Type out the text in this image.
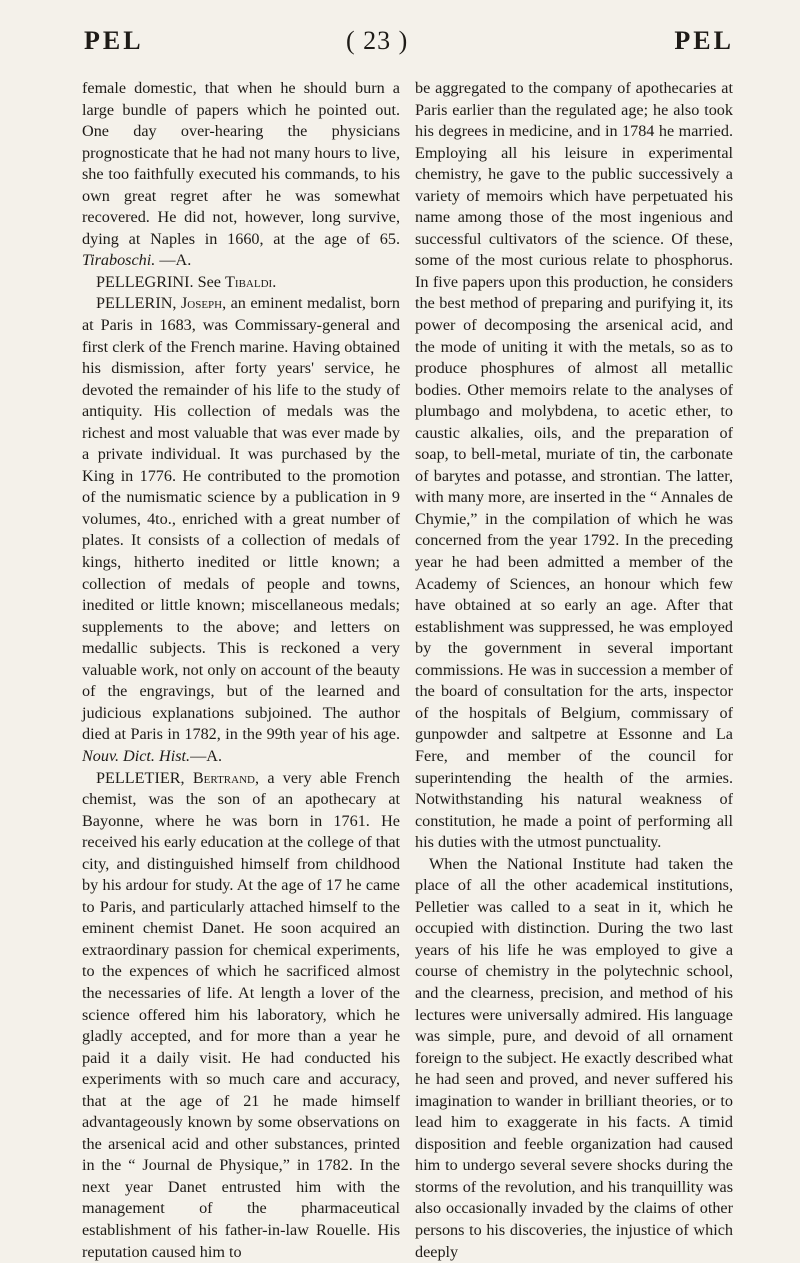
PEL	( 23 )	PEL

female domestic, that when he should burn a large bundle of papers which he pointed out. One day over-hearing the physicians prognosticate that he had not many hours to live, she too faithfully executed his commands, to his own great regret after he was somewhat recovered. He did not, however, long survive, dying at Naples in 1660, at the age of 65. Tiraboschi. —A.

PELLEGRINI. See Tibaldi.

PELLERIN, Joseph, an eminent medalist, born at Paris in 1683, was Commissary-general and first clerk of the French marine. Having obtained his dismission, after forty years' service, he devoted the remainder of his life to the study of antiquity. His collection of medals was the richest and most valuable that was ever made by a private individual. It was purchased by the King in 1776. He contributed to the promotion of the numismatic science by a publication in 9 volumes, 4to., enriched with a great number of plates. It consists of a collection of medals of kings, hitherto inedited or little known; a collection of medals of people and towns, inedited or little known; miscellaneous medals; supplements to the above; and letters on medallic subjects. This is reckoned a very valuable work, not only on account of the beauty of the engravings, but of the learned and judicious explanations subjoined. The author died at Paris in 1782, in the 99th year of his age. Nouv. Dict. Hist.—A.

PELLETIER, Bertrand, a very able French chemist, was the son of an apothecary at Bayonne, where he was born in 1761. He received his early education at the college of that city, and distinguished himself from childhood by his ardour for study. At the age of 17 he came to Paris, and particularly attached himself to the eminent chemist Danet. He soon acquired an extraordinary passion for chemical experiments, to the expences of which he sacrificed almost the necessaries of life. At length a lover of the science offered him his laboratory, which he gladly accepted, and for more than a year he paid it a daily visit. He had conducted his experiments with so much care and accuracy, that at the age of 21 he made himself advantageously known by some observations on the arsenical acid and other substances, printed in the “ Journal de Physique,” in 1782. In the next year Danet entrusted him with the management of the pharmaceutical establishment of his father-in-law Rouelle. His reputation caused him to

be aggregated to the company of apothecaries at Paris earlier than the regulated age; he also took his degrees in medicine, and in 1784 he married. Employing all his leisure in experimental chemistry, he gave to the public successively a variety of memoirs which have perpetuated his name among those of the most ingenious and successful cultivators of the science. Of these, some of the most curious relate to phosphorus. In five papers upon this production, he considers the best method of preparing and purifying it, its power of decomposing the arsenical acid, and the mode of uniting it with the metals, so as to produce phosphures of almost all metallic bodies. Other memoirs relate to the analyses of plumbago and molybdena, to acetic ether, to caustic alkalies, oils, and the preparation of soap, to bell-metal, muriate of tin, the carbonate of barytes and potasse, and strontian. The latter, with many more, are inserted in the “ Annales de Chymie,” in the compilation of which he was concerned from the year 1792. In the preceding year he had been admitted a member of the Academy of Sciences, an honour which few have obtained at so early an age. After that establishment was suppressed, he was employed by the government in several important commissions. He was in succession a member of the board of consultation for the arts, inspector of the hospitals of Belgium, commissary of gunpowder and saltpetre at Essonne and La Fere, and member of the council for superintending the health of the armies. Notwithstanding his natural weakness of constitution, he made a point of performing all his duties with the utmost punctuality.

When the National Institute had taken the place of all the other academical institutions, Pelletier was called to a seat in it, which he occupied with distinction. During the two last years of his life he was employed to give a course of chemistry in the polytechnic school, and the clearness, precision, and method of his lectures were universally admired. His language was simple, pure, and devoid of all ornament foreign to the subject. He exactly described what he had seen and proved, and never suffered his imagination to wander in brilliant theories, or to lead him to exaggerate in his facts. A timid disposition and feeble organization had caused him to undergo several severe shocks during the storms of the revolution, and his tranquillity was also occasionally invaded by the claims of other persons to his discoveries, the injustice of which deeply
